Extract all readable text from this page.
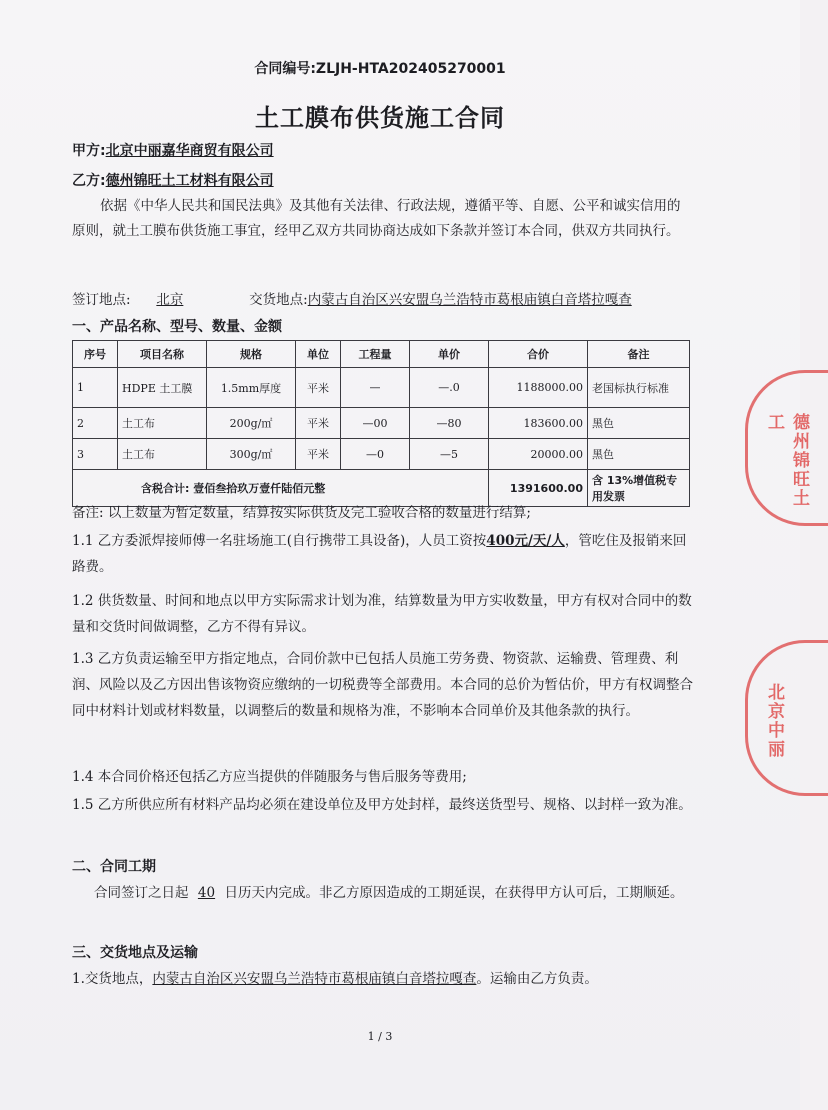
合同编号:ZLJH-HTA202405270001
土工膜布供货施工合同
甲方:北京中丽嘉华商贸有限公司
乙方:德州锦旺土工材料有限公司
依据《中华人民共和国民法典》及其他有关法律、行政法规，遵循平等、自愿、公平和诚实信用的原则，就土工膜布供货施工事宜，经甲乙双方共同协商达成如下条款并签订本合同，供双方共同执行。
签订地点: 北京	交货地点:内蒙古自治区兴安盟乌兰浩特市葛根庙镇白音塔拉嘎查
一、产品名称、型号、数量、金额
序号	项目名称	规格	单位	工程量	单价	合价	备注
1	HDPE 土工膜	1.5mm厚度	平米	—	—.0	1188000.00	老国标执行标准
2	土工布	200g/㎡	平米	—00	—80	183600.00	黑色
3	土工布	300g/㎡	平米	—0	—5	20000.00	黑色
含税合计: 壹佰叁拾玖万壹仟陆佰元整						1391600.00	含 13%增值税专用发票
备注: 以上数量为暂定数量，结算按实际供货及完工验收合格的数量进行结算;
1.1 乙方委派焊接师傅一名驻场施工(自行携带工具设备)，人员工资按400元/天/人，管吃住及报销来回路费。
1.2 供货数量、时间和地点以甲方实际需求计划为准，结算数量为甲方实收数量，甲方有权对合同中的数量和交货时间做调整，乙方不得有异议。
1.3 乙方负责运输至甲方指定地点，合同价款中已包括人员施工劳务费、物资款、运输费、管理费、利润、风险以及乙方因出售该物资应缴纳的一切税费等全部费用。本合同的总价为暂估价，甲方有权调整合同中材料计划或材料数量，以调整后的数量和规格为准，不影响本合同单价及其他条款的执行。
1.4 本合同价格还包括乙方应当提供的伴随服务与售后服务等费用;
1.5 乙方所供应所有材料产品均必须在建设单位及甲方处封样，最终送货型号、规格、以封样一致为准。
二、合同工期
合同签订之日起 40 日历天内完成。非乙方原因造成的工期延误，在获得甲方认可后，工期顺延。
三、交货地点及运输
1.交货地点，内蒙古自治区兴安盟乌兰浩特市葛根庙镇白音塔拉嘎查。运输由乙方负责。
1 / 3
德州锦旺土工
北京中丽
